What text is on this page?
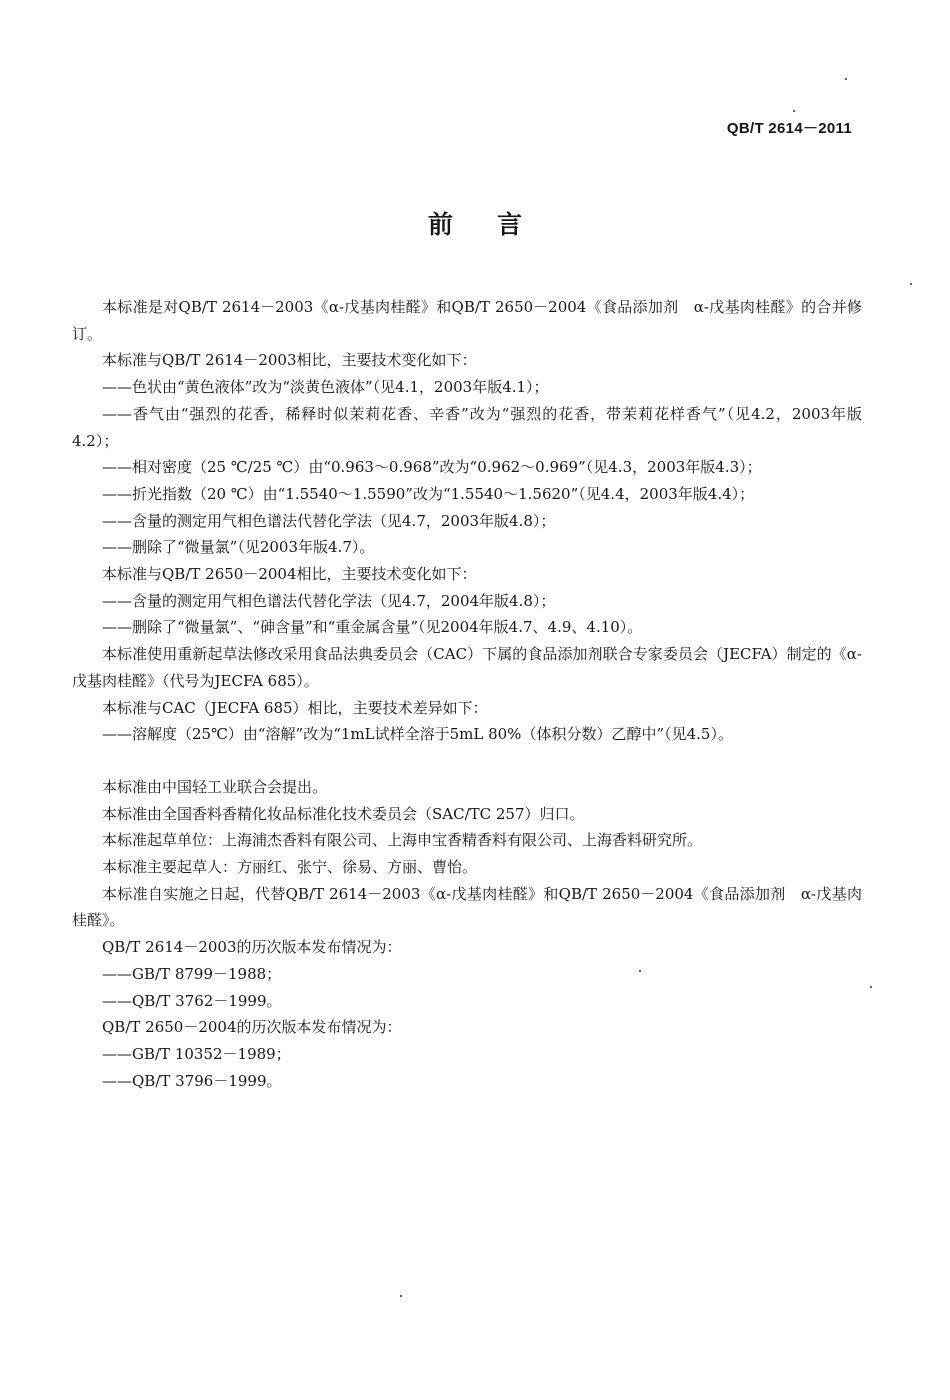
QB/T 2614－2011
前言

本标准是对QB/T 2614－2003《α-戊基肉桂醛》和QB/T 2650－2004《食品添加剂　α-戊基肉桂醛》的合并修订。

本标准与QB/T 2614－2003相比，主要技术变化如下：

——色状由“黄色液体”改为“淡黄色液体”（见4.1，2003年版4.1）；

——香气由“强烈的花香，稀释时似茉莉花香、辛香”改为“强烈的花香，带茉莉花样香气”（见4.2，2003年版4.2）；

——相对密度（25 ℃/25 ℃）由“0.963～0.968”改为“0.962～0.969”（见4.3，2003年版4.3）；

——折光指数（20 ℃）由“1.5540～1.5590”改为“1.5540～1.5620”（见4.4，2003年版4.4）；

——含量的测定用气相色谱法代替化学法（见4.7，2003年版4.8）；

——删除了“微量氯”（见2003年版4.7）。

本标准与QB/T 2650－2004相比，主要技术变化如下：

——含量的测定用气相色谱法代替化学法（见4.7，2004年版4.8）；

——删除了“微量氯”、“砷含量”和“重金属含量”（见2004年版4.7、4.9、4.10）。

本标准使用重新起草法修改采用食品法典委员会（CAC）下属的食品添加剂联合专家委员会（JECFA）制定的《α-戊基肉桂醛》（代号为JECFA 685）。

本标准与CAC（JECFA 685）相比，主要技术差异如下：

——溶解度（25℃）由“溶解”改为“1mL试样全溶于5mL 80%（体积分数）乙醇中”（见4.5）。

本标准由中国轻工业联合会提出。

本标准由全国香料香精化妆品标准化技术委员会（SAC/TC 257）归口。

本标准起草单位：上海浦杰香料有限公司、上海申宝香精香料有限公司、上海香料研究所。

本标准主要起草人：方丽红、张宁、徐易、方丽、曹怡。

本标准自实施之日起，代替QB/T 2614－2003《α-戊基肉桂醛》和QB/T 2650－2004《食品添加剂　α-戊基肉桂醛》。

QB/T 2614－2003的历次版本发布情况为：

——GB/T 8799－1988；

——QB/T 3762－1999。

QB/T 2650－2004的历次版本发布情况为：

——GB/T 10352－1989；

——QB/T 3796－1999。
